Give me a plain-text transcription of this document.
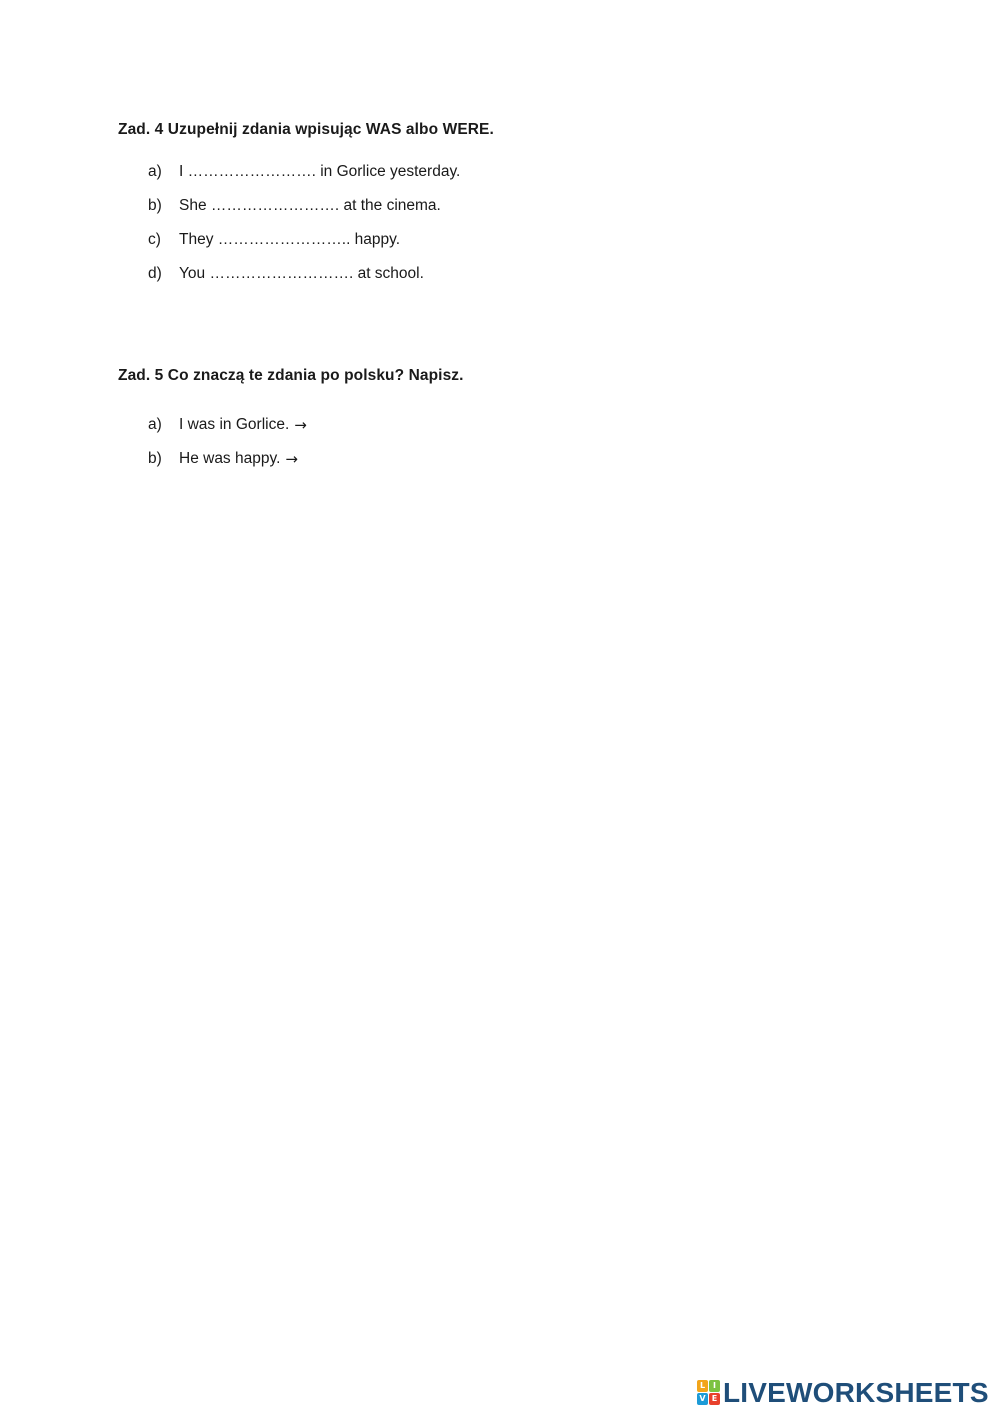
Zad. 4 Uzupełnij zdania wpisując WAS albo WERE.
a)	I ……………………. in Gorlice yesterday.
b)	She ……………………. at the cinema.
c)	They …………………….. happy.
d)	You ………………………. at school.
Zad. 5 Co znaczą te zdania po polsku? Napisz.
a)	I was in Gorlice. →
b)	He was happy. →
L I
V E LIVEWORKSHEETS
